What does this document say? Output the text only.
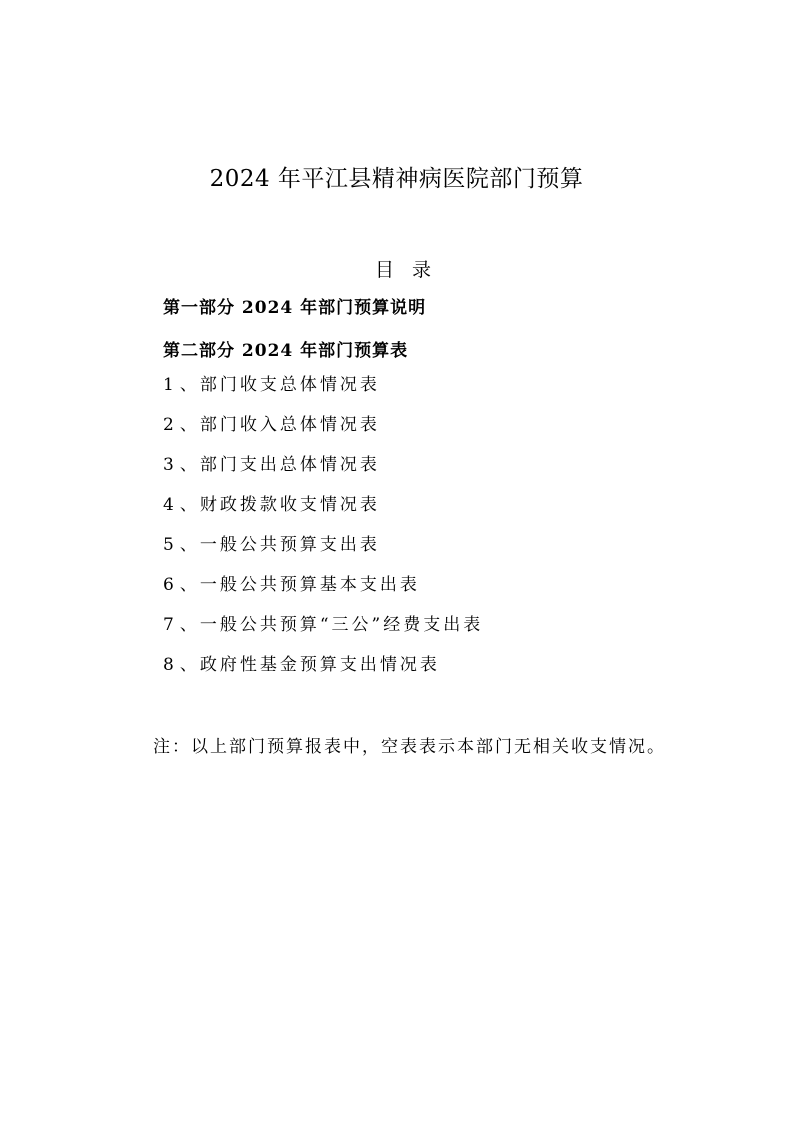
2024 年平江县精神病医院部门预算
目 录
第一部分 2024 年部门预算说明
第二部分 2024 年部门预算表
1 、部门收支总体情况表
2 、部门收入总体情况表
3 、部门支出总体情况表
4 、财政拨款收支情况表
5 、一般公共预算支出表
6 、一般公共预算基本支出表
7 、一般公共预算“三公”经费支出表
8 、政府性基金预算支出情况表
注：以上部门预算报表中，空表表示本部门无相关收支情况。
